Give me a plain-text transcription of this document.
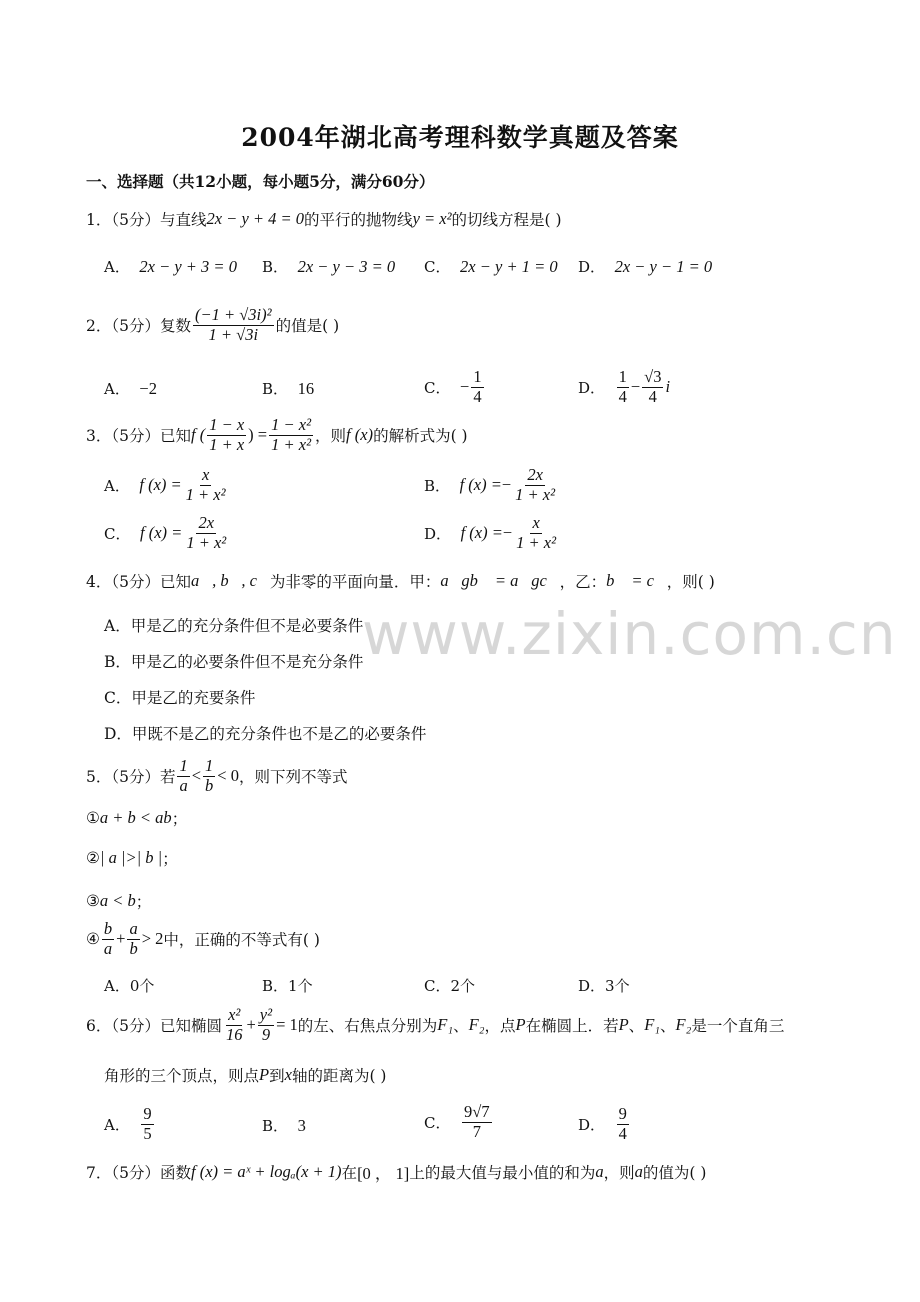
2004年湖北高考理科数学真题及答案
一、选择题（共12小题，每小题5分，满分60分）
1．（5分）与直线 2x − y + 4 = 0 的平行的抛物线 y = x² 的切线方程是( )
A．
2x − y + 3 = 0 B．
2x − y − 3 = 0 C．
2x − y + 1 = 0 D．
2x − y − 1 = 0
2．（5分）复数 $\frac{\text{(−1 + √3i)²}}{1 + √3i}$ 的值是( )
A．
−2	B．
16	C．
− $\frac{1}{4}$	D．
$\frac{1}{4} - \frac{√3}{4}$ i
3．（5分）已知 f ( $\frac{1 - x}{1 + x}$ ) = $\frac{\text{1 − x²}}{\text{1 + x²}}$ ，则 f (x) 的解析式为( )
A．
f $(x) = \frac{x}{\text{1 + x²}}$	B．
f (x) = − $\frac{2x}{\text{1 + x²}}$
C．
f $(x) = \frac{2x}{\text{1 + x²}}$	D．
f (x) = − $\frac{x}{\text{1 + x²}}$
4．（5分）已知 a⃗, b⃗, c⃗ 为非零的平面向量．甲： a⃗gb⃗ = a⃗gc⃗ ，乙： b⃗ = c⃗ ，则( )
A．甲是乙的充分条件但不是必要条件
B．甲是乙的必要条件但不是充分条件
C．甲是乙的充要条件
D．甲既不是乙的充分条件也不是乙的必要条件
5．（5分）若 $\frac{1}{a} < \frac{1}{b} < 0$ ，则下列不等式
① a + b < ab ；
② | a |>| b | ；
③ a < b ；
④ $\frac{b}{a} + \frac{a}{b} > 2$ 中，正确的不等式有( )
A．0个	B．1个	C．2个	D．3个
6．（5分）已知椭圆 $\frac{\text{x²}}{16} + \frac{\text{y²}}{9} = 1$ 的左、右焦点分别为 F₁ 、 F₂ ，点 P 在椭圆上．若 P 、 F₁ 、 F₂ 是一个直角三
角形的三个顶点，则点 P 到 x 轴的距离为( )
A．
$\frac{9}{5}$	B．
3	C．
$\frac{9√7}{7}$	D．
$\frac{9}{4}$
7．（5分）函数 f (x) = aˣ + logₐ(x + 1) 在 [0 ， 1] 上的最大值与最小值的和为 a ，则 a 的值为( )
www.zixin.com.cn
